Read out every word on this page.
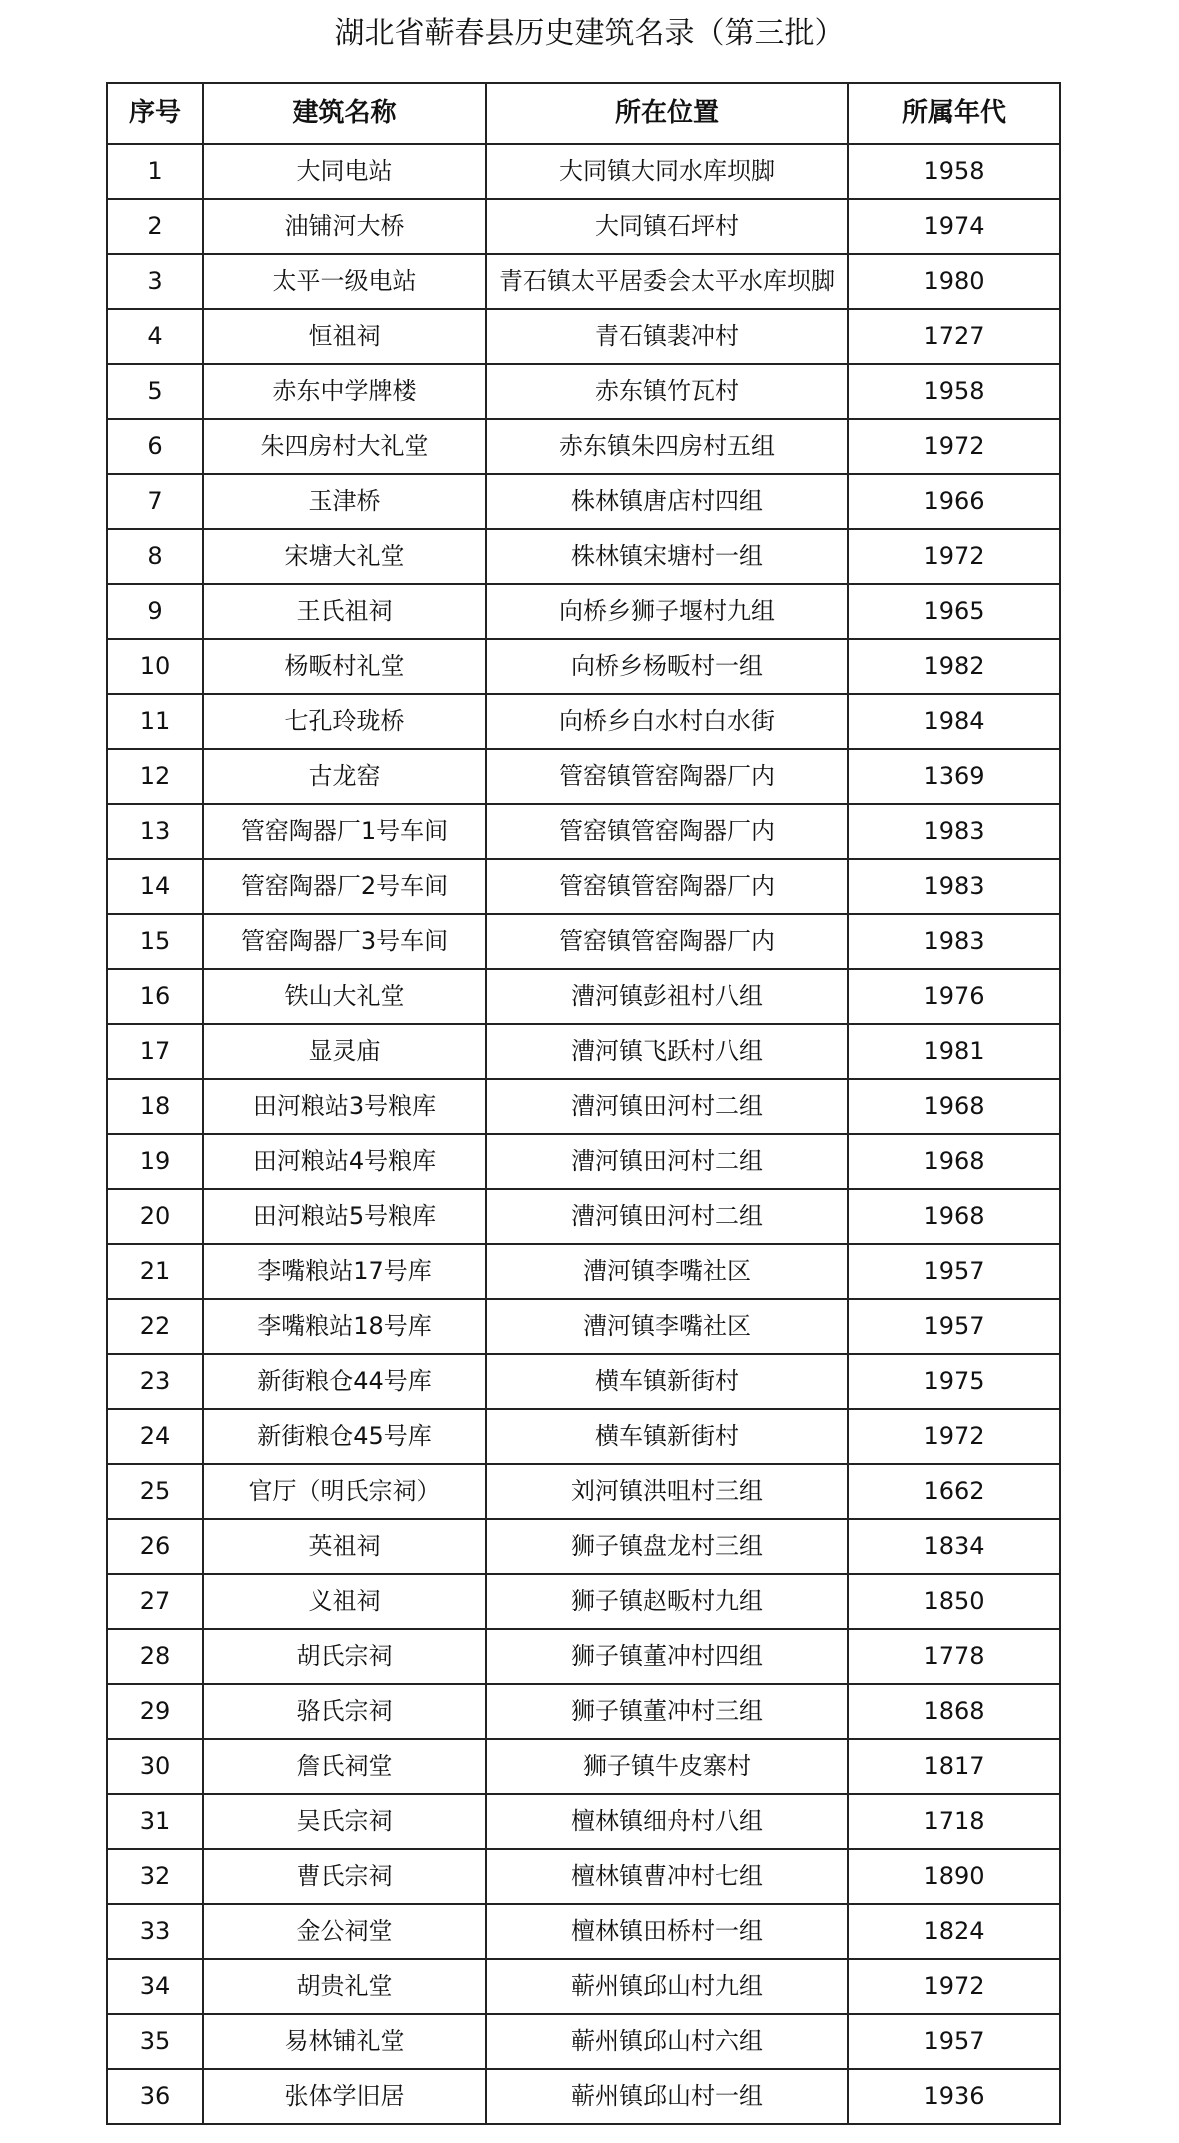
湖北省蕲春县历史建筑名录（第三批）
序号	建筑名称	所在位置	所属年代
1	大同电站	大同镇大同水库坝脚	1958
2	油铺河大桥	大同镇石坪村	1974
3	太平一级电站	青石镇太平居委会太平水库坝脚	1980
4	恒祖祠	青石镇裴冲村	1727
5	赤东中学牌楼	赤东镇竹瓦村	1958
6	朱四房村大礼堂	赤东镇朱四房村五组	1972
7	玉津桥	株林镇唐店村四组	1966
8	宋塘大礼堂	株林镇宋塘村一组	1972
9	王氏祖祠	向桥乡狮子堰村九组	1965
10	杨畈村礼堂	向桥乡杨畈村一组	1982
11	七孔玲珑桥	向桥乡白水村白水街	1984
12	古龙窑	管窑镇管窑陶器厂内	1369
13	管窑陶器厂1号车间	管窑镇管窑陶器厂内	1983
14	管窑陶器厂2号车间	管窑镇管窑陶器厂内	1983
15	管窑陶器厂3号车间	管窑镇管窑陶器厂内	1983
16	铁山大礼堂	漕河镇彭祖村八组	1976
17	显灵庙	漕河镇飞跃村八组	1981
18	田河粮站3号粮库	漕河镇田河村二组	1968
19	田河粮站4号粮库	漕河镇田河村二组	1968
20	田河粮站5号粮库	漕河镇田河村二组	1968
21	李嘴粮站17号库	漕河镇李嘴社区	1957
22	李嘴粮站18号库	漕河镇李嘴社区	1957
23	新街粮仓44号库	横车镇新街村	1975
24	新街粮仓45号库	横车镇新街村	1972
25	官厅（明氏宗祠）	刘河镇洪咀村三组	1662
26	英祖祠	狮子镇盘龙村三组	1834
27	义祖祠	狮子镇赵畈村九组	1850
28	胡氏宗祠	狮子镇董冲村四组	1778
29	骆氏宗祠	狮子镇董冲村三组	1868
30	詹氏祠堂	狮子镇牛皮寨村	1817
31	吴氏宗祠	檀林镇细舟村八组	1718
32	曹氏宗祠	檀林镇曹冲村七组	1890
33	金公祠堂	檀林镇田桥村一组	1824
34	胡贵礼堂	蕲州镇邱山村九组	1972
35	易林铺礼堂	蕲州镇邱山村六组	1957
36	张体学旧居	蕲州镇邱山村一组	1936
